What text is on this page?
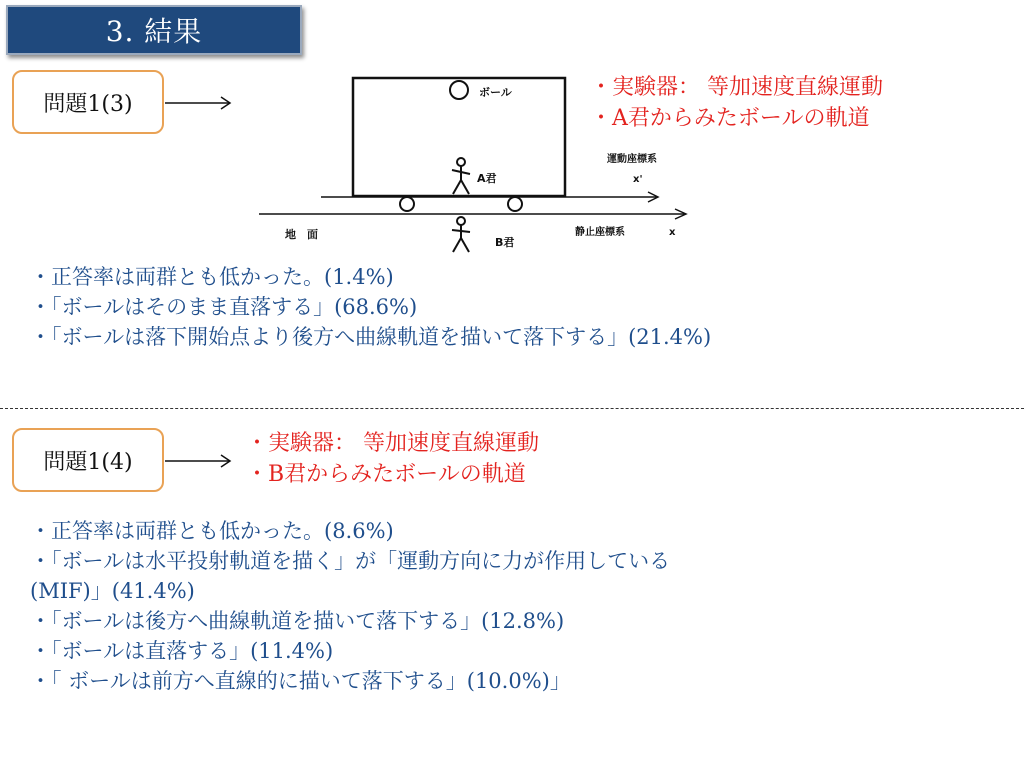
3. 結果
問題1(3)	ボール
A君
運動座標系
x'
地　面	静止座標系	x
B君
・実験器： 等加速度直線運動
・A君からみたボールの軌道
・正答率は両群とも低かった。(1.4%)
・「ボールはそのまま直落する」(68.6%)
・「ボールは落下開始点より後方へ曲線軌道を描いて落下する」(21.4%)
問題1(4)
・実験器： 等加速度直線運動
・B君からみたボールの軌道
・正答率は両群とも低かった。(8.6%)
・「ボールは水平投射軌道を描く」が「運動方向に力が作用している
(MIF)」(41.4%)
・「ボールは後方へ曲線軌道を描いて落下する」(12.8%)
・「ボールは直落する」(11.4%)
・「 ボールは前方へ直線的に描いて落下する」(10.0%)」
